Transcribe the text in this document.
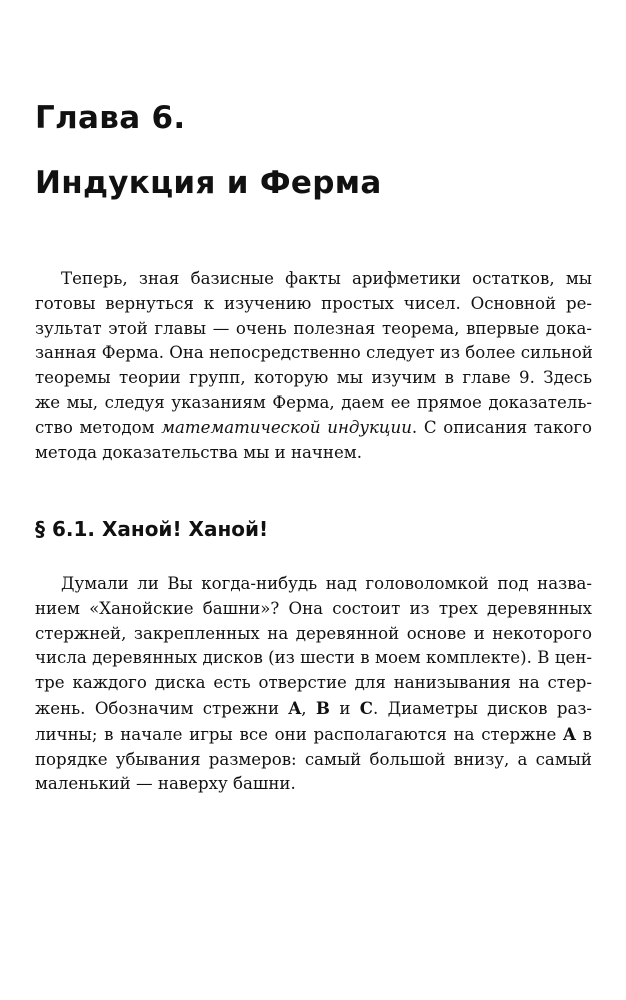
Глава 6.
Индукция и Ферма

Теперь, зная базисные факты арифметики остатков, мы
готовы вернуться к изучению простых чисел. Основной ре-
зультат этой главы — очень полезная теорема, впервые дока-
занная Ферма. Она непосредственно следует из более сильной
теоремы теории групп, которую мы изучим в главе 9. Здесь
же мы, следуя указаниям Ферма, даем ее прямое доказатель-
ство методом математической индукции. С описания такого
метода доказательства мы и начнем.

§ 6.1. Ханой! Ханой!

Думали ли Вы когда-нибудь над головоломкой под назва-
нием «Ханойские башни»? Она состоит из трех деревянных
стержней, закрепленных на деревянной основе и некоторого
числа деревянных дисков (из шести в моем комплекте). В цен-
тре каждого диска есть отверстие для нанизывания на стер-
жень. Обозначим стрежни A, B и C. Диаметры дисков раз-
личны; в начале игры все они располагаются на стержне A в
порядке убывания размеров: самый большой внизу, а самый
маленький — наверху башни.
